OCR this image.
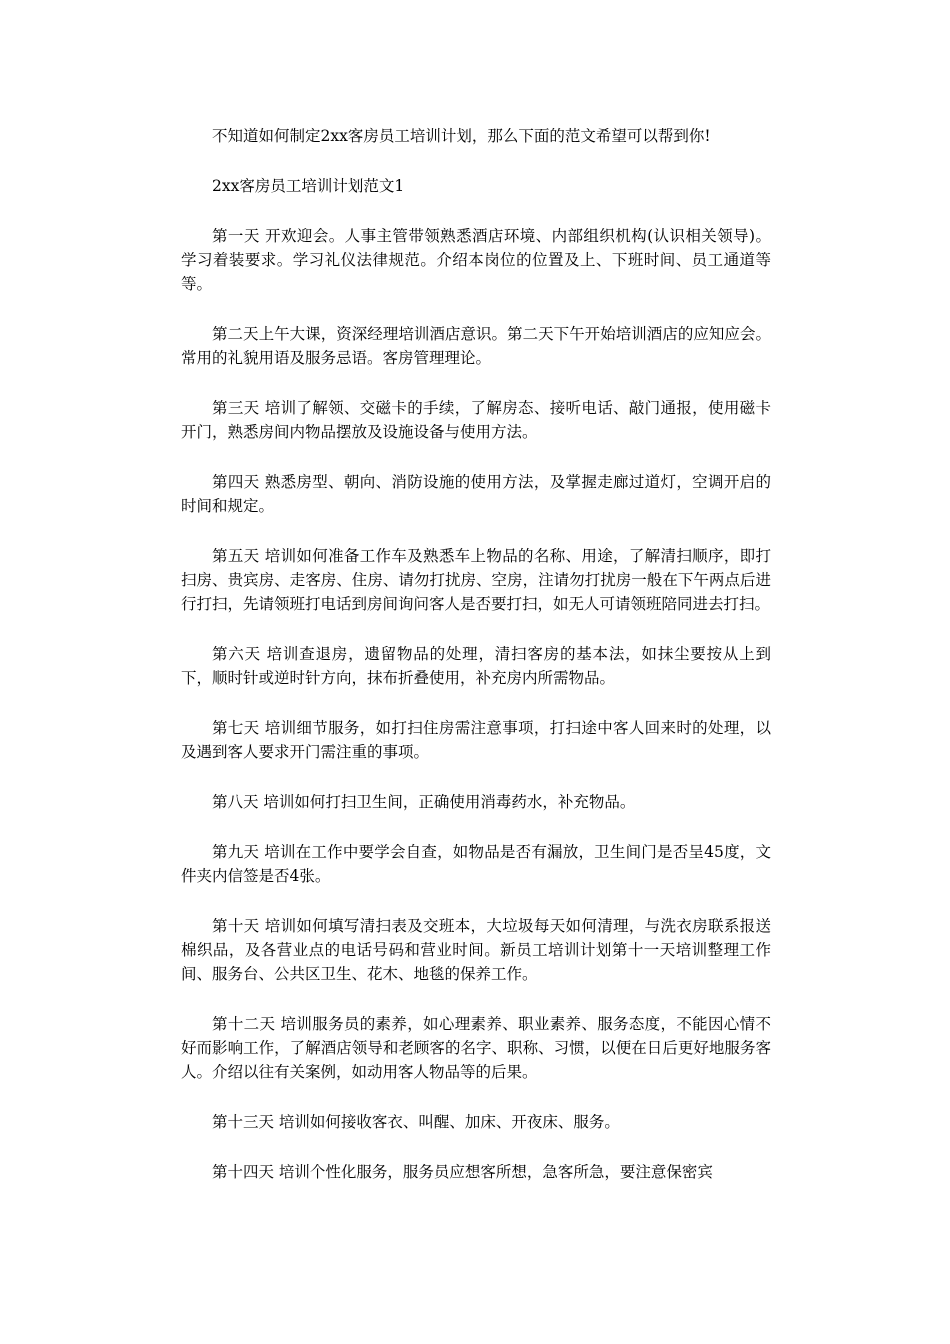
不知道如何制定2xx客房员工培训计划，那么下面的范文希望可以帮到你!

2xx客房员工培训计划范文1

第一天 开欢迎会。人事主管带领熟悉酒店环境、内部组织机构(认识相关领导)。学习着装要求。学习礼仪法律规范。介绍本岗位的位置及上、下班时间、员工通道等等。

第二天上午大课，资深经理培训酒店意识。第二天下午开始培训酒店的应知应会。常用的礼貌用语及服务忌语。客房管理理论。

第三天 培训了解领、交磁卡的手续，了解房态、接听电话、敲门通报，使用磁卡开门，熟悉房间内物品摆放及设施设备与使用方法。

第四天 熟悉房型、朝向、消防设施的使用方法，及掌握走廊过道灯，空调开启的时间和规定。

第五天 培训如何准备工作车及熟悉车上物品的名称、用途，了解清扫顺序，即打扫房、贵宾房、走客房、住房、请勿打扰房、空房，注请勿打扰房一般在下午两点后进行打扫，先请领班打电话到房间询问客人是否要打扫，如无人可请领班陪同进去打扫。

第六天 培训查退房，遗留物品的处理，清扫客房的基本法，如抹尘要按从上到下，顺时针或逆时针方向，抹布折叠使用，补充房内所需物品。

第七天 培训细节服务，如打扫住房需注意事项，打扫途中客人回来时的处理，以及遇到客人要求开门需注重的事项。

第八天 培训如何打扫卫生间，正确使用消毒药水，补充物品。

第九天 培训在工作中要学会自查，如物品是否有漏放，卫生间门是否呈45度，文件夹内信签是否4张。

第十天 培训如何填写清扫表及交班本，大垃圾每天如何清理，与洗衣房联系报送棉织品，及各营业点的电话号码和营业时间。新员工培训计划第十一天培训整理工作间、服务台、公共区卫生、花木、地毯的保养工作。

第十二天 培训服务员的素养，如心理素养、职业素养、服务态度，不能因心情不好而影响工作，了解酒店领导和老顾客的名字、职称、习惯，以便在日后更好地服务客人。介绍以往有关案例，如动用客人物品等的后果。

第十三天 培训如何接收客衣、叫醒、加床、开夜床、服务。

第十四天 培训个性化服务，服务员应想客所想，急客所急，要注意保密宾
